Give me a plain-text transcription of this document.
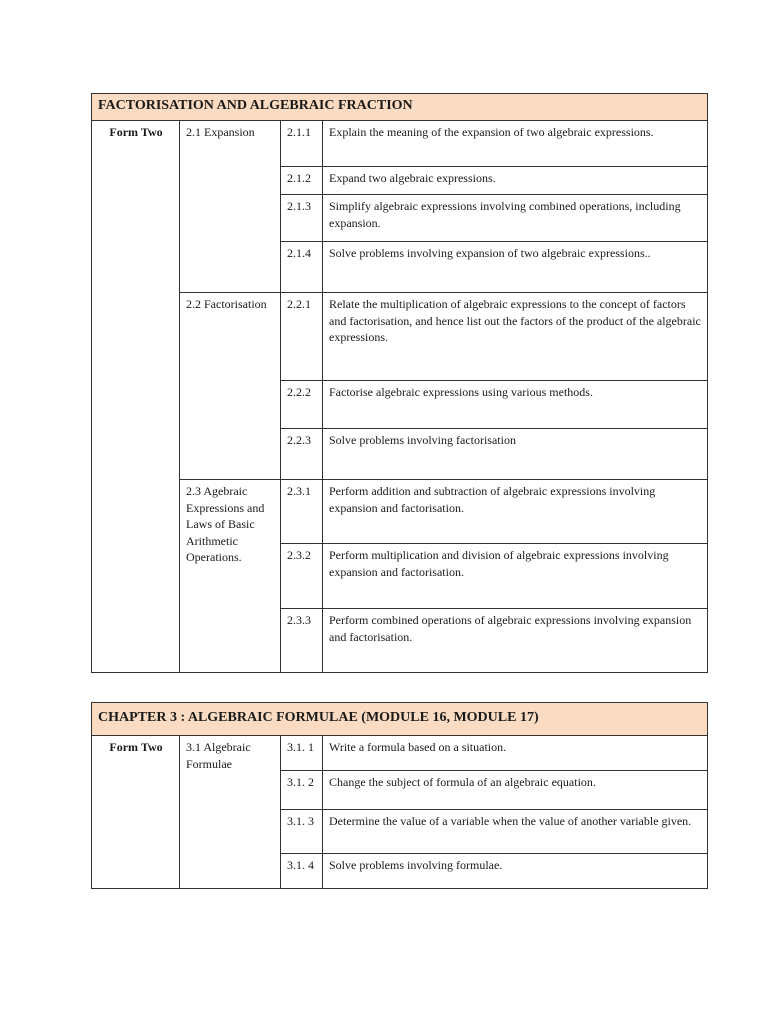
FACTORISATION AND ALGEBRAIC FRACTION			
Form Two	2.1 Expansion	2.1.1	Explain the meaning of the expansion of two algebraic expressions.
		2.1.2	Expand two algebraic expressions.
		2.1.3	Simplify algebraic expressions involving combined operations, including expansion.
		2.1.4	Solve problems involving expansion of two algebraic expressions..
	2.2 Factorisation	2.2.1	Relate the multiplication of algebraic expressions to the concept of factors and factorisation, and hence list out the factors of the product of the algebraic expressions.
		2.2.2	Factorise algebraic expressions using various methods.
		2.2.3	Solve problems involving factorisation
	2.3 Agebraic Expressions and Laws of Basic Arithmetic Operations.	2.3.1	Perform addition and subtraction of algebraic expressions involving expansion and factorisation.
		2.3.2	Perform multiplication and division of algebraic expressions involving expansion and factorisation.
		2.3.3	Perform combined operations of algebraic expressions involving expansion and factorisation.
CHAPTER 3 : ALGEBRAIC FORMULAE (MODULE 16, MODULE 17)			
Form Two	3.1 Algebraic Formulae	3.1. 1	Write a formula based on a situation.
		3.1. 2	Change the subject of formula of an algebraic equation.
		3.1. 3	Determine the value of a variable when the value of another variable given.
		3.1. 4	Solve problems involving formulae.
